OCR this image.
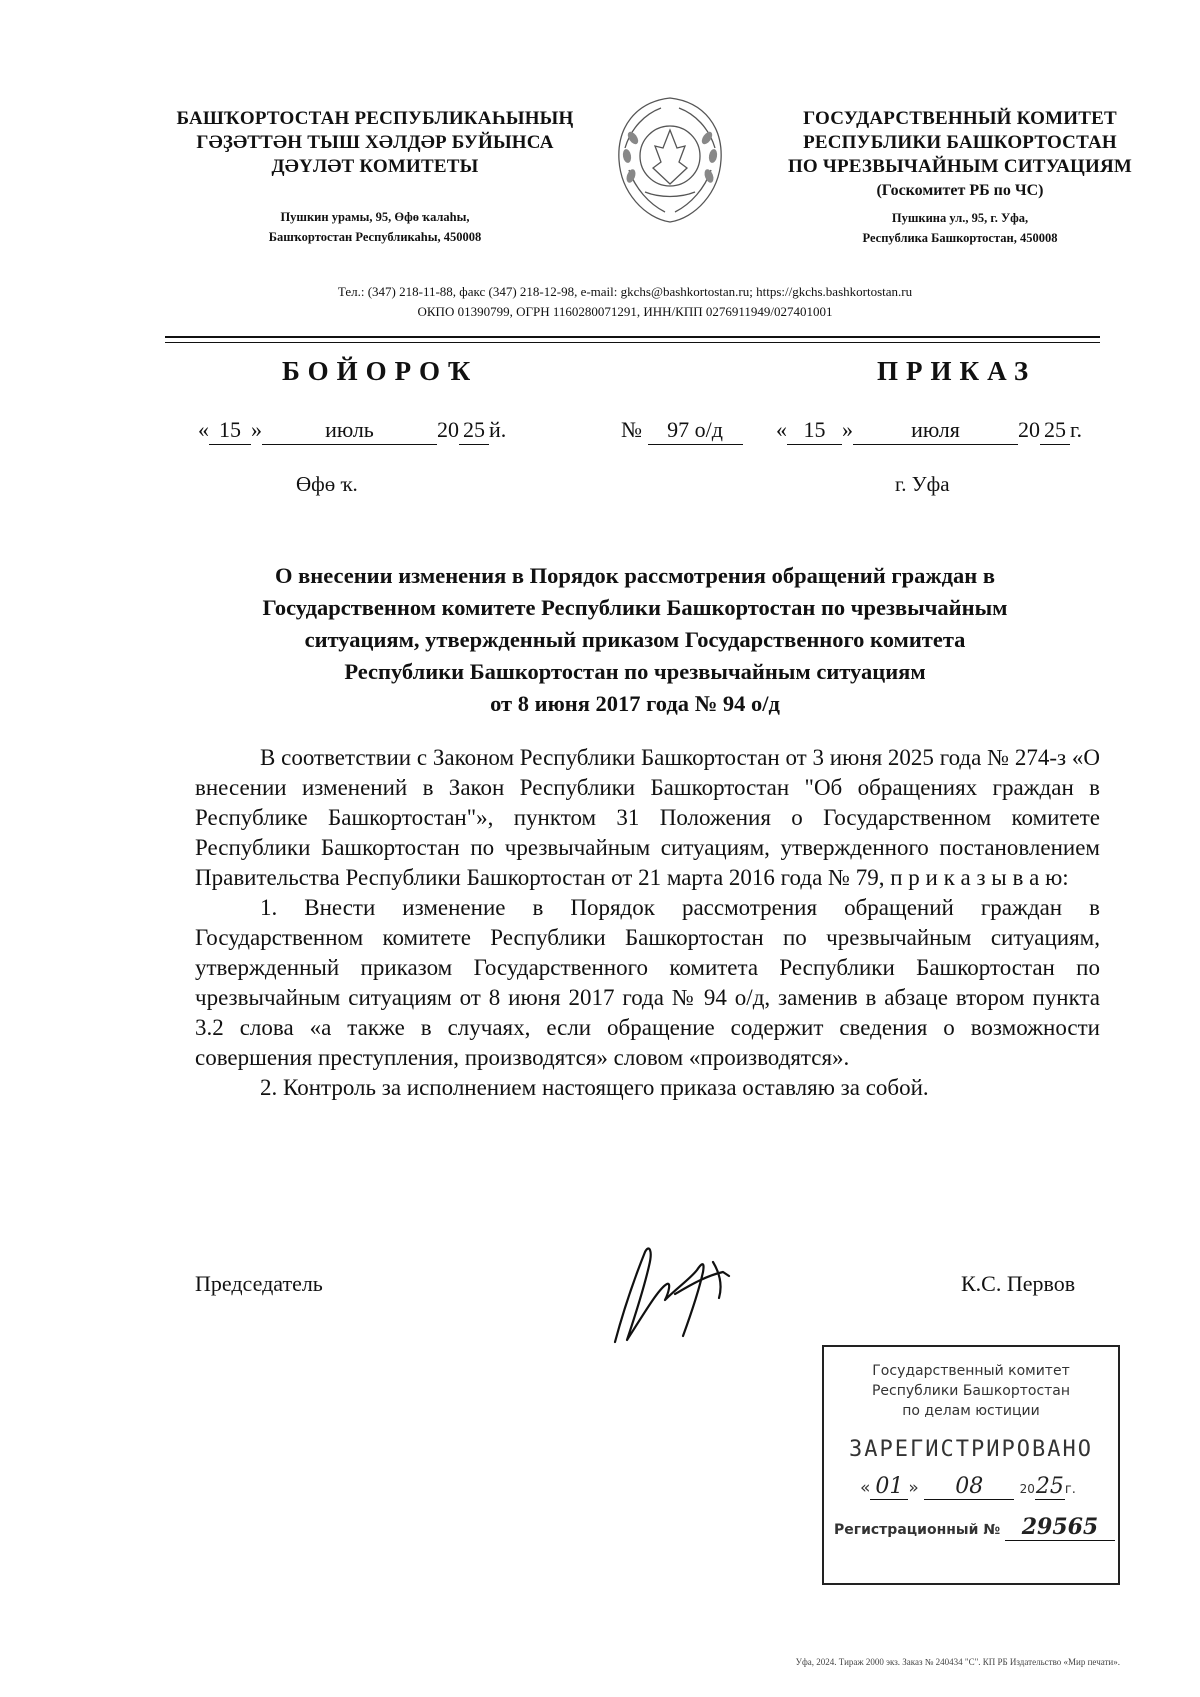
БАШҠОРТОСТАН РЕСПУБЛИКАҺЫНЫҢ
ГӘҘӘТТӘН ТЫШ ХӘЛДӘР БУЙЫНСА
ДӘҮЛӘТ КОМИТЕТЫ
Пушкин урамы, 95, Өфө ҡалаһы,
Башҡортостан Республикаһы, 450008
ГОСУДАРСТВЕННЫЙ КОМИТЕТ
РЕСПУБЛИКИ БАШКОРТОСТАН
ПО ЧРЕЗВЫЧАЙНЫМ СИТУАЦИЯМ
(Госкомитет РБ по ЧС)
Пушкина ул., 95, г. Уфа,
Республика Башкортостан, 450008
Тел.: (347) 218-11-88, факс (347) 218-12-98, e-mail: gkchs@bashkortostan.ru; https://gkchs.bashkortostan.ru
ОКПО 01390799, ОГРН 1160280071291, ИНН/КПП 0276911949/027401001
БОЙОРОҠ	ПРИКАЗ
« 15 »	июль	20 25 й.	№ 97 о/д	« 15 »	июля	20 25 г.
Өфө ҡ.	г. Уфа
О внесении изменения в Порядок рассмотрения обращений граждан в
Государственном комитете Республики Башкортостан по чрезвычайным
ситуациям, утвержденный приказом Государственного комитета
Республики Башкортостан по чрезвычайным ситуациям
от 8 июня 2017 года № 94 о/д

В соответствии с Законом Республики Башкортостан от 3 июня 2025 года № 274-з «О внесении изменений в Закон Республики Башкортостан "Об обращениях граждан в Республике Башкортостан"», пунктом 31 Положения о Государственном комитете Республики Башкортостан по чрезвычайным ситуациям, утвержденного постановлением Правительства Республики Башкортостан от 21 марта 2016 года № 79, п р и к а з ы в а ю:

1. Внести изменение в Порядок рассмотрения обращений граждан в Государственном комитете Республики Башкортостан по чрезвычайным ситуациям, утвержденный приказом Государственного комитета Республики Башкортостан по чрезвычайным ситуациям от 8 июня 2017 года № 94 о/д, заменив в абзаце втором пункта 3.2 слова «а также в случаях, если обращение содержит сведения о возможности совершения преступления, производятся» словом «производятся».

2. Контроль за исполнением настоящего приказа оставляю за собой.

Председатель	К.С. Первов
Государственный комитет
Республики Башкортостан
по делам юстиции
ЗАРЕГИСТРИРОВАНО
« 01 » 08	2025г.
Регистрационный № 29565
Уфа, 2024. Тираж 2000 экз. Заказ № 240434 "С". КП РБ Издательство «Мир печати».
